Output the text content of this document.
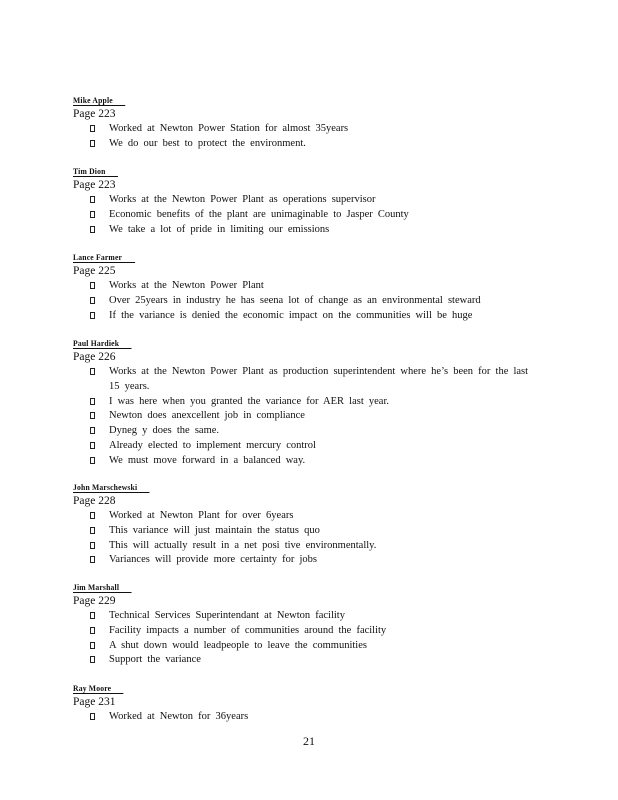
Mike Apple
Page 223
Worked at Newton Power Station for almost 35years
We do our best to protect the environment.
Tim Dion
Page 223
Works at the Newton Power Plant as operations supervisor
Economic benefits of the plant are unimaginable to Jasper County
We take a lot of pride in limiting our emissions
Lance Farmer
Page 225
Works at the Newton Power Plant
Over 25years in industry he has seena lot of change as an environmental steward
If the variance is denied the economic impact on the communities will be huge
Paul Hardiek
Page 226
Works at the Newton Power Plant as production superintendent where he’s been for the last 15 years.
I was here when you granted the variance for AER last year.
Newton does anexcellent job in compliance
Dyneg y does the same.
Already elected to implement mercury control
We must move forward in a balanced way.
John Marschewski
Page 228
Worked at Newton Plant for over 6years
This variance will just maintain the status quo
This will actually result in a net posi tive environmentally.
Variances will provide more certainty for jobs
Jim Marshall
Page 229
Technical Services Superintendant at Newton facility
Facility impacts a number of communities around the facility
A shut down would leadpeople to leave the communities
Support the variance
Ray Moore
Page 231
Worked at Newton for 36years
21
